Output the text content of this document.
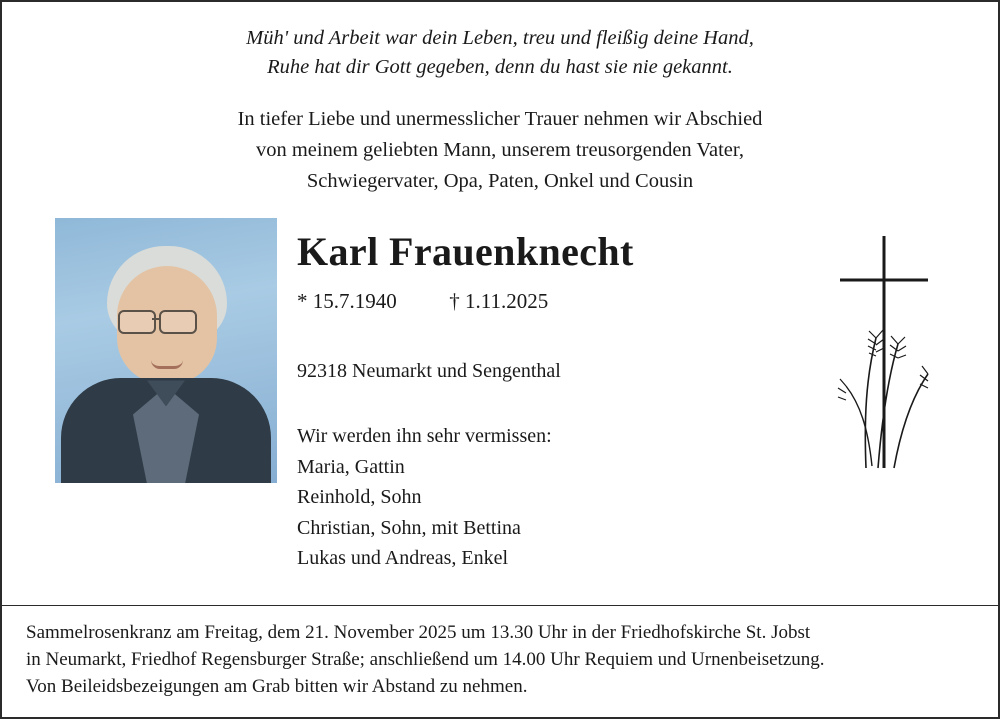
Müh' und Arbeit war dein Leben, treu und fleißig deine Hand,
Ruhe hat dir Gott gegeben, denn du hast sie nie gekannt.
In tiefer Liebe und unermesslicher Trauer nehmen wir Abschied
von meinem geliebten Mann, unserem treusorgenden Vater,
Schwiegervater, Opa, Paten, Onkel und Cousin
Karl Frauenknecht
* 15.7.1940          † 1.11.2025
92318 Neumarkt und Sengenthal
Wir werden ihn sehr vermissen:
Maria, Gattin
Reinhold, Sohn
Christian, Sohn, mit Bettina
Lukas und Andreas, Enkel
Sammelrosenkranz am Freitag, dem 21. November 2025 um 13.30 Uhr in der Friedhofskirche St. Jobst
in Neumarkt, Friedhof Regensburger Straße; anschließend um 14.00 Uhr Requiem und Urnenbeisetzung.
Von Beileidsbezeigungen am Grab bitten wir Abstand zu nehmen.
